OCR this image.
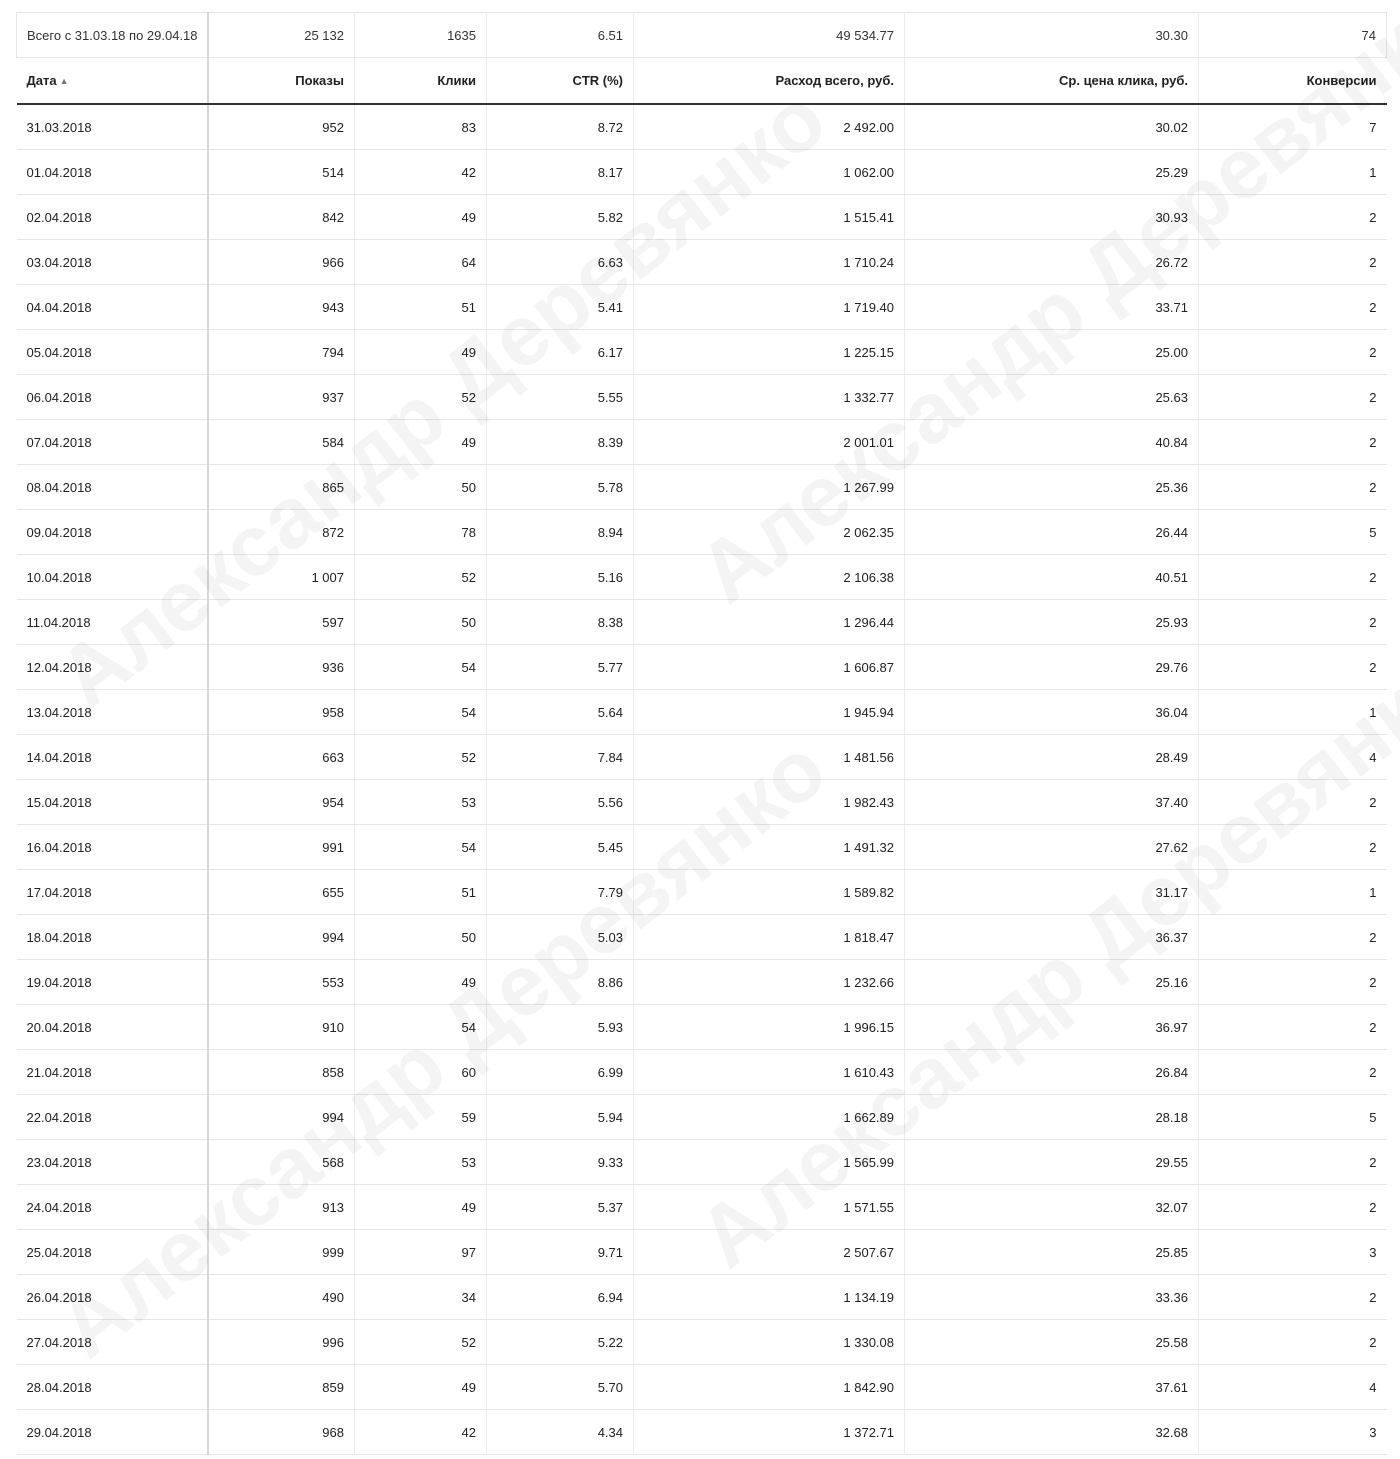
Всего с 31.03.18 по 29.04.18	25 132	1635	6.51	49 534.77	30.30	74
Дата ▲	Показы	Клики	CTR (%)	Расход всего, руб.	Ср. цена клика, руб.	Конверсии
31.03.2018	952	83	8.72	2 492.00	30.02	7
01.04.2018	514	42	8.17	1 062.00	25.29	1
02.04.2018	842	49	5.82	1 515.41	30.93	2
03.04.2018	966	64	6.63	1 710.24	26.72	2
04.04.2018	943	51	5.41	1 719.40	33.71	2
05.04.2018	794	49	6.17	1 225.15	25.00	2
06.04.2018	937	52	5.55	1 332.77	25.63	2
07.04.2018	584	49	8.39	2 001.01	40.84	2
08.04.2018	865	50	5.78	1 267.99	25.36	2
09.04.2018	872	78	8.94	2 062.35	26.44	5
10.04.2018	1 007	52	5.16	2 106.38	40.51	2
11.04.2018	597	50	8.38	1 296.44	25.93	2
12.04.2018	936	54	5.77	1 606.87	29.76	2
13.04.2018	958	54	5.64	1 945.94	36.04	1
14.04.2018	663	52	7.84	1 481.56	28.49	4
15.04.2018	954	53	5.56	1 982.43	37.40	2
16.04.2018	991	54	5.45	1 491.32	27.62	2
17.04.2018	655	51	7.79	1 589.82	31.17	1
18.04.2018	994	50	5.03	1 818.47	36.37	2
19.04.2018	553	49	8.86	1 232.66	25.16	2
20.04.2018	910	54	5.93	1 996.15	36.97	2
21.04.2018	858	60	6.99	1 610.43	26.84	2
22.04.2018	994	59	5.94	1 662.89	28.18	5
23.04.2018	568	53	9.33	1 565.99	29.55	2
24.04.2018	913	49	5.37	1 571.55	32.07	2
25.04.2018	999	97	9.71	2 507.67	25.85	3
26.04.2018	490	34	6.94	1 134.19	33.36	2
27.04.2018	996	52	5.22	1 330.08	25.58	2
28.04.2018	859	49	5.70	1 842.90	37.61	4
29.04.2018	968	42	4.34	1 372.71	32.68	3
